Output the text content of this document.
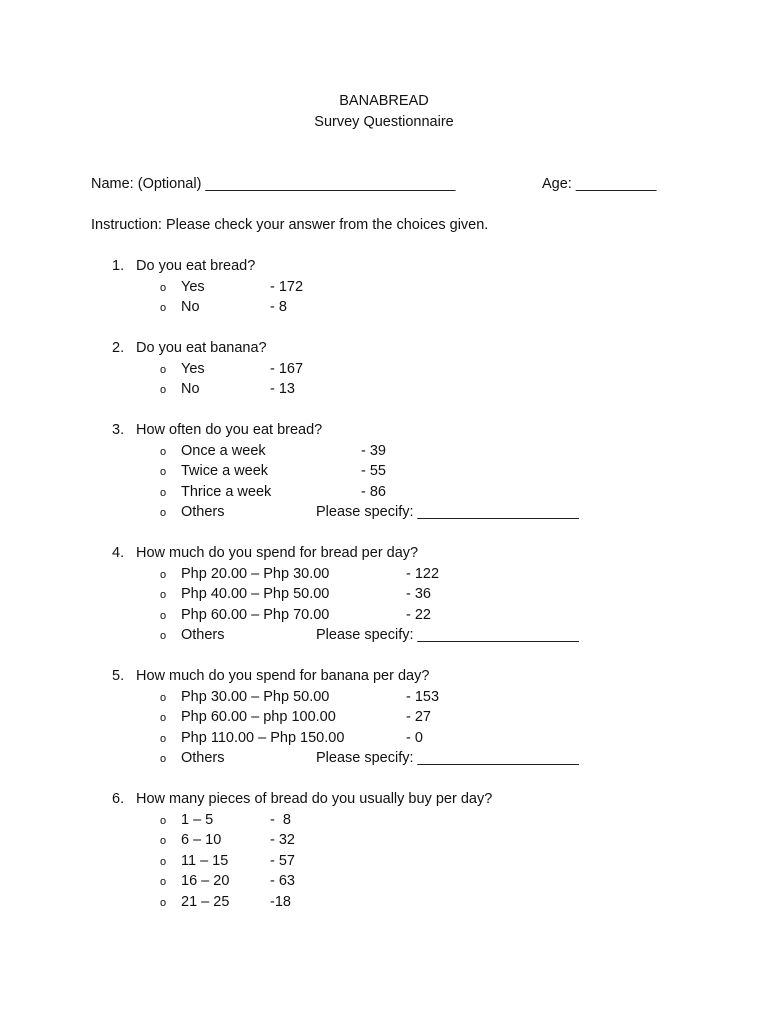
BANABREAD
Survey Questionnaire
Name: (Optional) _______________________________	Age: __________
Instruction: Please check your answer from the choices given.
1. Do you eat bread?
o Yes	- 172
o No	- 8
2. Do you eat banana?
o Yes	- 167
o No	- 13
3. How often do you eat bread?
o Once a week	- 39
o Twice a week	- 55
o Thrice a week	- 86
o Others	Please specify: ____________________
4. How much do you spend for bread per day?
o Php 20.00 – Php 30.00	- 122
o Php 40.00 – Php 50.00	- 36
o Php 60.00 – Php 70.00	- 22
o Others	Please specify: ____________________
5. How much do you spend for banana per day?
o Php 30.00 – Php 50.00	- 153
o Php 60.00 – php 100.00	- 27
o Php 110.00 – Php 150.00	- 0
o Others	Please specify: ____________________
6. How many pieces of bread do you usually buy per day?
o 1 – 5	-  8
o 6 – 10	- 32
o 11 – 15	- 57
o 16 – 20	- 63
o 21 – 25	-18
